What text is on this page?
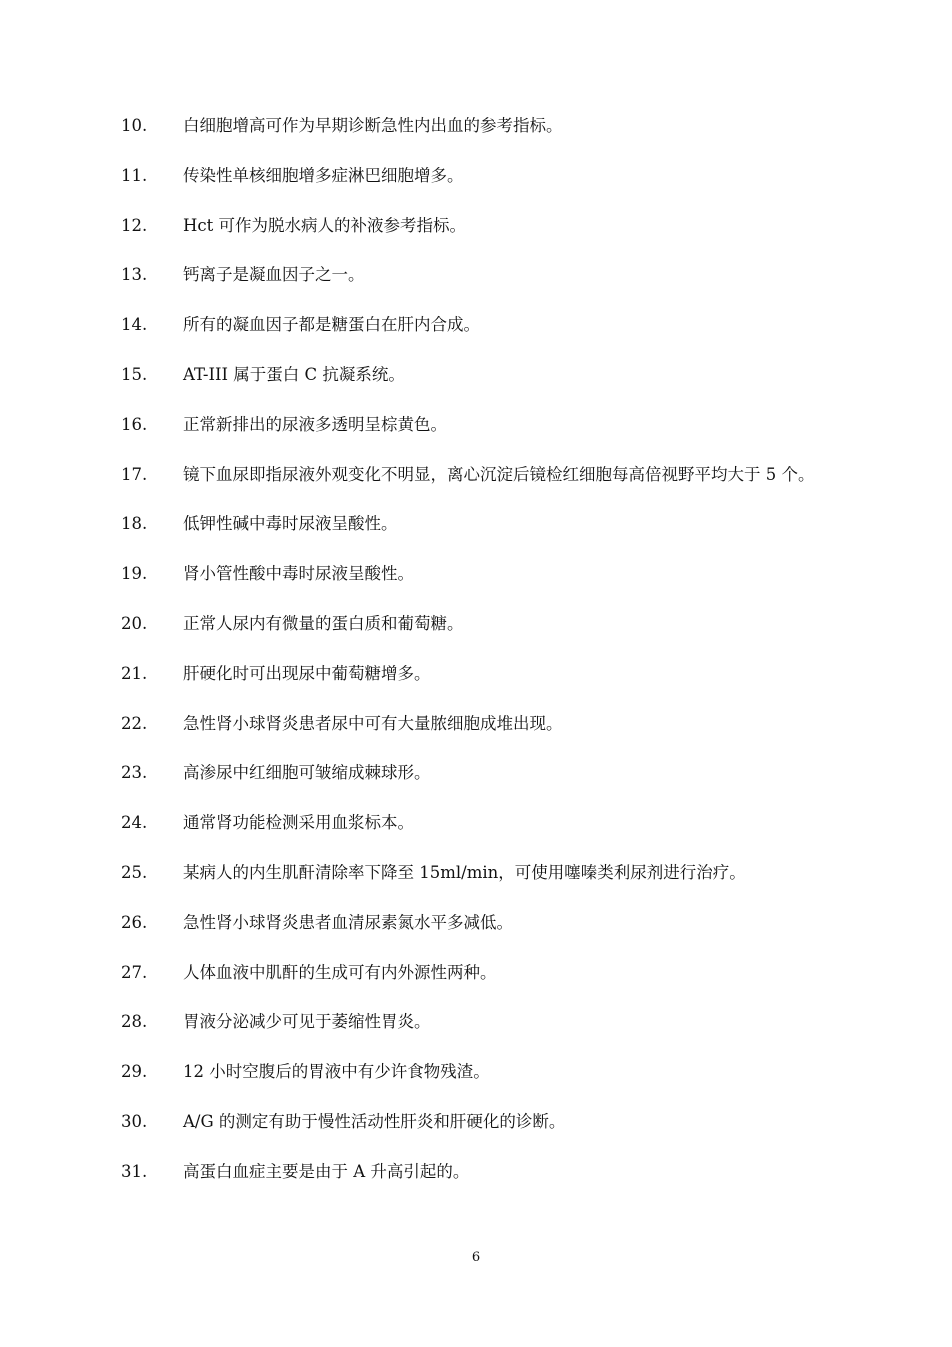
10. 白细胞增高可作为早期诊断急性内出血的参考指标。
11. 传染性单核细胞增多症淋巴细胞增多。
12. Hct 可作为脱水病人的补液参考指标。
13. 钙离子是凝血因子之一。
14. 所有的凝血因子都是糖蛋白在肝内合成。
15. AT-III 属于蛋白 C 抗凝系统。
16. 正常新排出的尿液多透明呈棕黄色。
17. 镜下血尿即指尿液外观变化不明显，离心沉淀后镜检红细胞每高倍视野平均大于 5 个。
18. 低钾性碱中毒时尿液呈酸性。
19. 肾小管性酸中毒时尿液呈酸性。
20. 正常人尿内有微量的蛋白质和葡萄糖。
21. 肝硬化时可出现尿中葡萄糖增多。
22. 急性肾小球肾炎患者尿中可有大量脓细胞成堆出现。
23. 高渗尿中红细胞可皱缩成棘球形。
24. 通常肾功能检测采用血浆标本。
25. 某病人的内生肌酐清除率下降至 15ml/min，可使用噻嗪类利尿剂进行治疗。
26. 急性肾小球肾炎患者血清尿素氮水平多减低。
27. 人体血液中肌酐的生成可有内外源性两种。
28. 胃液分泌减少可见于萎缩性胃炎。
29. 12 小时空腹后的胃液中有少许食物残渣。
30. A/G 的测定有助于慢性活动性肝炎和肝硬化的诊断。
31. 高蛋白血症主要是由于 A 升高引起的。
6
